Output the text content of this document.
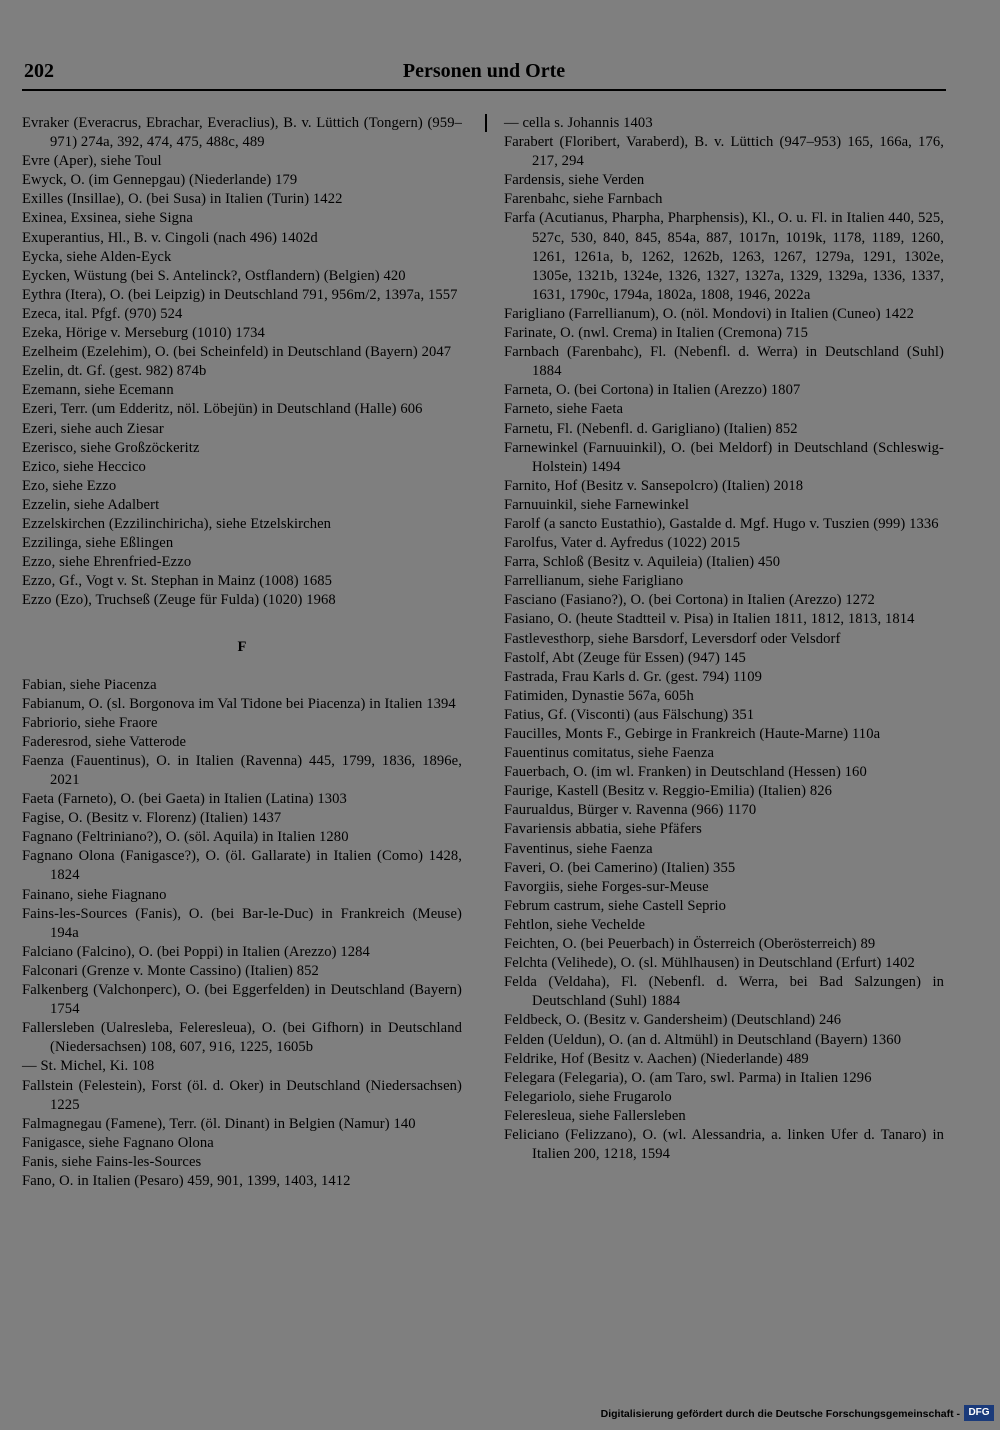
202	Personen und Orte
Evraker (Everacrus, Ebrachar, Everaclius), B. v. Lüttich (Tongern) (959–971) 274a, 392, 474, 475, 488c, 489
Evre (Aper), siehe Toul
Ewyck, O. (im Gennepgau) (Niederlande) 179
Exilles (Insillae), O. (bei Susa) in Italien (Turin) 1422
Exinea, Exsinea, siehe Signa
Exuperantius, Hl., B. v. Cingoli (nach 496) 1402d
Eycka, siehe Alden-Eyck
Eycken, Wüstung (bei S. Antelinck?, Ostflandern) (Belgien) 420
Eythra (Itera), O. (bei Leipzig) in Deutschland 791, 956m/2, 1397a, 1557
Ezeca, ital. Pfgf. (970) 524
Ezeka, Hörige v. Merseburg (1010) 1734
Ezelheim (Ezelehim), O. (bei Scheinfeld) in Deutschland (Bayern) 2047
Ezelin, dt. Gf. (gest. 982) 874b
Ezemann, siehe Ecemann
Ezeri, Terr. (um Edderitz, nöl. Löbejün) in Deutschland (Halle) 606
Ezeri, siehe auch Ziesar
Ezerisco, siehe Großzöckeritz
Ezico, siehe Heccico
Ezo, siehe Ezzo
Ezzelin, siehe Adalbert
Ezzelskirchen (Ezzilinchiricha), siehe Etzelskirchen
Ezzilinga, siehe Eßlingen
Ezzo, siehe Ehrenfried-Ezzo
Ezzo, Gf., Vogt v. St. Stephan in Mainz (1008) 1685
Ezzo (Ezo), Truchseß (Zeuge für Fulda) (1020) 1968
F
Fabian, siehe Piacenza
Fabianum, O. (sl. Borgonova im Val Tidone bei Piacenza) in Italien 1394
Fabriorio, siehe Fraore
Faderesrod, siehe Vatterode
Faenza (Fauentinus), O. in Italien (Ravenna) 445, 1799, 1836, 1896e, 2021
Faeta (Farneto), O. (bei Gaeta) in Italien (Latina) 1303
Fagise, O. (Besitz v. Florenz) (Italien) 1437
Fagnano (Feltriniano?), O. (söl. Aquila) in Italien 1280
Fagnano Olona (Fanigasce?), O. (öl. Gallarate) in Italien (Como) 1428, 1824
Fainano, siehe Fiagnano
Fains-les-Sources (Fanis), O. (bei Bar-le-Duc) in Frankreich (Meuse) 194a
Falciano (Falcino), O. (bei Poppi) in Italien (Arezzo) 1284
Falconari (Grenze v. Monte Cassino) (Italien) 852
Falkenberg (Valchonperc), O. (bei Eggerfelden) in Deutschland (Bayern) 1754
Fallersleben (Ualresleba, Feleresleua), O. (bei Gifhorn) in Deutschland (Niedersachsen) 108, 607, 916, 1225, 1605b
— St. Michel, Ki. 108
Fallstein (Felestein), Forst (öl. d. Oker) in Deutschland (Niedersachsen) 1225
Falmagnegau (Famene), Terr. (öl. Dinant) in Belgien (Namur) 140
Fanigasce, siehe Fagnano Olona
Fanis, siehe Fains-les-Sources
Fano, O. in Italien (Pesaro) 459, 901, 1399, 1403, 1412
— cella s. Johannis 1403
Farabert (Floribert, Varaberd), B. v. Lüttich (947–953) 165, 166a, 176, 217, 294
Fardensis, siehe Verden
Farenbahc, siehe Farnbach
Farfa (Acutianus, Pharpha, Pharphensis), Kl., O. u. Fl. in Italien 440, 525, 527c, 530, 840, 845, 854a, 887, 1017n, 1019k, 1178, 1189, 1260, 1261, 1261a, b, 1262, 1262b, 1263, 1267, 1279a, 1291, 1302e, 1305e, 1321b, 1324e, 1326, 1327, 1327a, 1329, 1329a, 1336, 1337, 1631, 1790c, 1794a, 1802a, 1808, 1946, 2022a
Farigliano (Farrellianum), O. (nöl. Mondovi) in Italien (Cuneo) 1422
Farinate, O. (nwl. Crema) in Italien (Cremona) 715
Farnbach (Farenbahc), Fl. (Nebenfl. d. Werra) in Deutschland (Suhl) 1884
Farneta, O. (bei Cortona) in Italien (Arezzo) 1807
Farneto, siehe Faeta
Farnetu, Fl. (Nebenfl. d. Garigliano) (Italien) 852
Farnewinkel (Farnuuinkil), O. (bei Meldorf) in Deutschland (Schleswig-Holstein) 1494
Farnito, Hof (Besitz v. Sansepolcro) (Italien) 2018
Farnuuinkil, siehe Farnewinkel
Farolf (a sancto Eustathio), Gastalde d. Mgf. Hugo v. Tuszien (999) 1336
Farolfus, Vater d. Ayfredus (1022) 2015
Farra, Schloß (Besitz v. Aquileia) (Italien) 450
Farrellianum, siehe Farigliano
Fasciano (Fasiano?), O. (bei Cortona) in Italien (Arezzo) 1272
Fasiano, O. (heute Stadtteil v. Pisa) in Italien 1811, 1812, 1813, 1814
Fastlevesthorp, siehe Barsdorf, Leversdorf oder Velsdorf
Fastolf, Abt (Zeuge für Essen) (947) 145
Fastrada, Frau Karls d. Gr. (gest. 794) 1109
Fatimiden, Dynastie 567a, 605h
Fatius, Gf. (Visconti) (aus Fälschung) 351
Faucilles, Monts F., Gebirge in Frankreich (Haute-Marne) 110a
Fauentinus comitatus, siehe Faenza
Fauerbach, O. (im wl. Franken) in Deutschland (Hessen) 160
Faurige, Kastell (Besitz v. Reggio-Emilia) (Italien) 826
Faurualdus, Bürger v. Ravenna (966) 1170
Favariensis abbatia, siehe Pfäfers
Faventinus, siehe Faenza
Faveri, O. (bei Camerino) (Italien) 355
Favorgiis, siehe Forges-sur-Meuse
Februm castrum, siehe Castell Seprio
Fehtlon, siehe Vechelde
Feichten, O. (bei Peuerbach) in Österreich (Oberösterreich) 89
Felchta (Velihede), O. (sl. Mühlhausen) in Deutschland (Erfurt) 1402
Felda (Veldaha), Fl. (Nebenfl. d. Werra, bei Bad Salzungen) in Deutschland (Suhl) 1884
Feldbeck, O. (Besitz v. Gandersheim) (Deutschland) 246
Felden (Ueldun), O. (an d. Altmühl) in Deutschland (Bayern) 1360
Feldrike, Hof (Besitz v. Aachen) (Niederlande) 489
Felegara (Felegaria), O. (am Taro, swl. Parma) in Italien 1296
Felegariolo, siehe Frugarolo
Feleresleua, siehe Fallersleben
Feliciano (Felizzano), O. (wl. Alessandria, a. linken Ufer d. Tanaro) in Italien 200, 1218, 1594
Digitalisierung gefördert durch die Deutsche Forschungsgemeinschaft - DFG
